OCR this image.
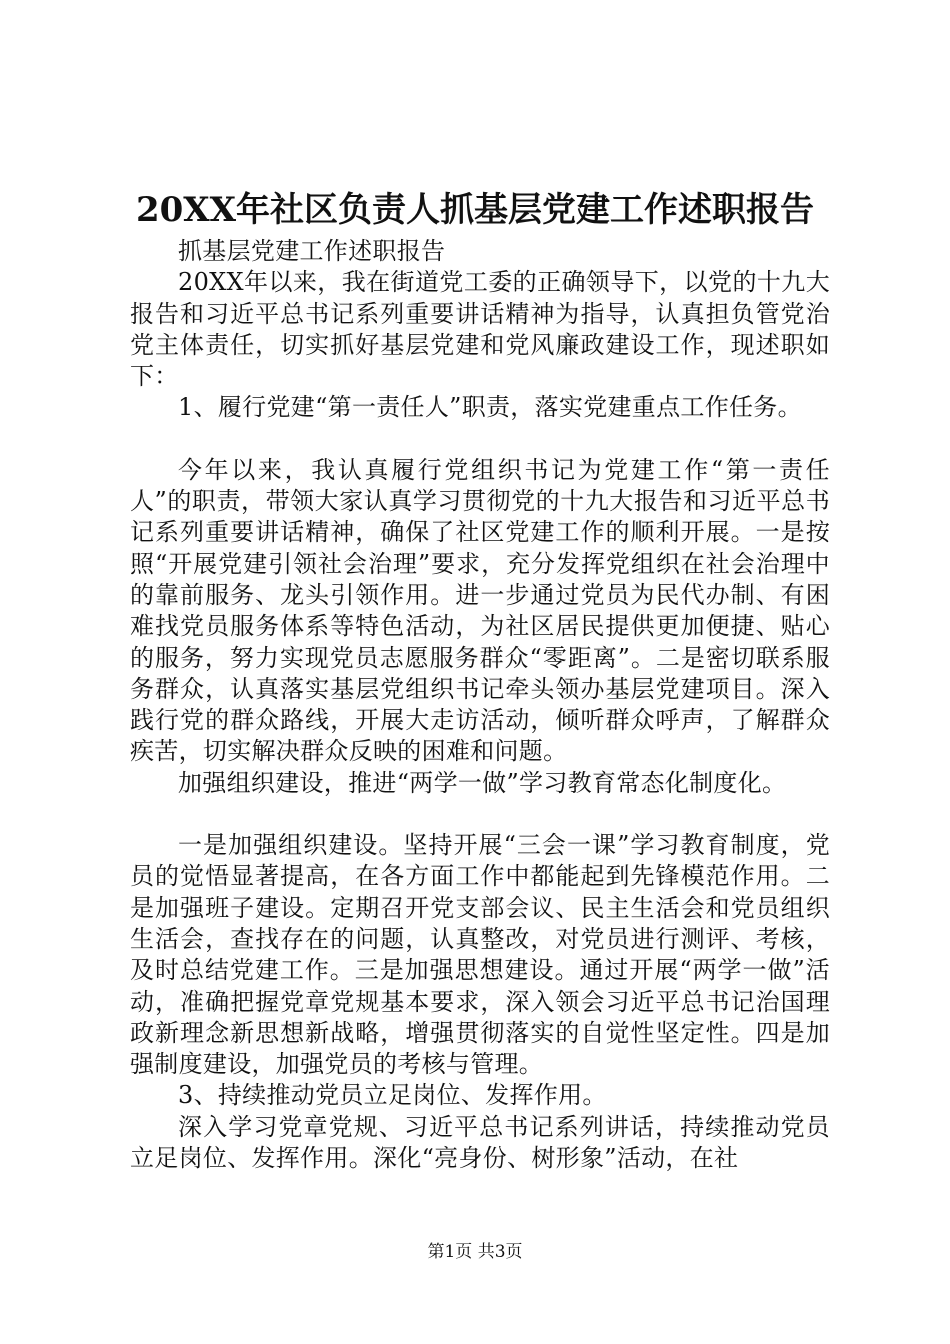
20XX年社区负责人抓基层党建工作述职报告

抓基层党建工作述职报告

20XX年以来，我在街道党工委的正确领导下，以党的十九大报告和习近平总书记系列重要讲话精神为指导，认真担负管党治党主体责任，切实抓好基层党建和党风廉政建设工作，现述职如下：

1、履行党建“第一责任人”职责，落实党建重点工作任务。

今年以来，我认真履行党组织书记为党建工作“第一责任人”的职责，带领大家认真学习贯彻党的十九大报告和习近平总书记系列重要讲话精神，确保了社区党建工作的顺利开展。一是按照“开展党建引领社会治理”要求，充分发挥党组织在社会治理中的靠前服务、龙头引领作用。进一步通过党员为民代办制、有困难找党员服务体系等特色活动，为社区居民提供更加便捷、贴心的服务，努力实现党员志愿服务群众“零距离”。二是密切联系服务群众，认真落实基层党组织书记牵头领办基层党建项目。深入践行党的群众路线，开展大走访活动，倾听群众呼声，了解群众疾苦，切实解决群众反映的困难和问题。

加强组织建设，推进“两学一做”学习教育常态化制度化。

一是加强组织建设。坚持开展“三会一课”学习教育制度，党员的觉悟显著提高，在各方面工作中都能起到先锋模范作用。二是加强班子建设。定期召开党支部会议、民主生活会和党员组织生活会，查找存在的问题，认真整改，对党员进行测评、考核，及时总结党建工作。三是加强思想建设。通过开展“两学一做”活动，准确把握党章党规基本要求，深入领会习近平总书记治国理政新理念新思想新战略，增强贯彻落实的自觉性坚定性。四是加强制度建设，加强党员的考核与管理。

3、持续推动党员立足岗位、发挥作用。

深入学习党章党规、习近平总书记系列讲话，持续推动党员立足岗位、发挥作用。深化“亮身份、树形象”活动，在社

第1页 共3页
